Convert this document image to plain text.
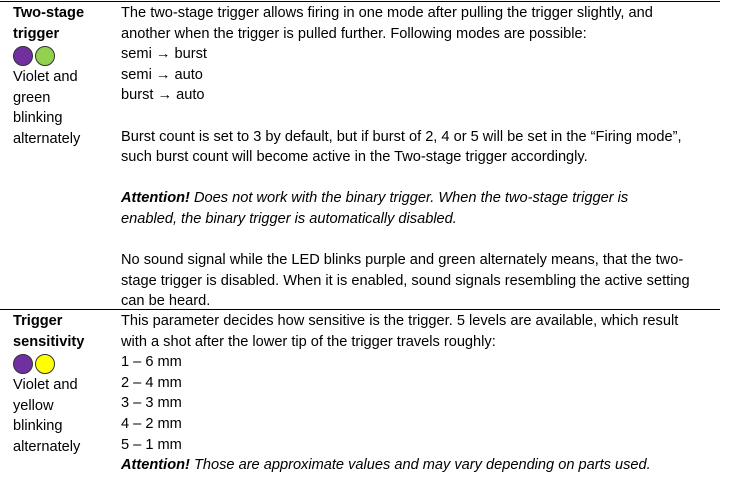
Two-stage
trigger
Violet and
green
blinking
alternately
The two-stage trigger allows firing in one mode after pulling the trigger slightly, and
another when the trigger is pulled further. Following modes are possible:
semi → burst
semi → auto
burst → auto
Burst count is set to 3 by default, but if burst of 2, 4 or 5 will be set in the “Firing mode”,
such burst count will become active in the Two-stage trigger accordingly.
Attention! Does not work with the binary trigger. When the two-stage trigger is
enabled, the binary trigger is automatically disabled.
No sound signal while the LED blinks purple and green alternately means, that the two-
stage trigger is disabled. When it is enabled, sound signals resembling the active setting
can be heard.
Trigger
sensitivity
Violet and
yellow
blinking
alternately
This parameter decides how sensitive is the trigger. 5 levels are available, which result
with a shot after the lower tip of the trigger travels roughly:
1 – 6 mm
2 – 4 mm
3 – 3 mm
4 – 2 mm
5 – 1 mm
Attention! Those are approximate values and may vary depending on parts used.
